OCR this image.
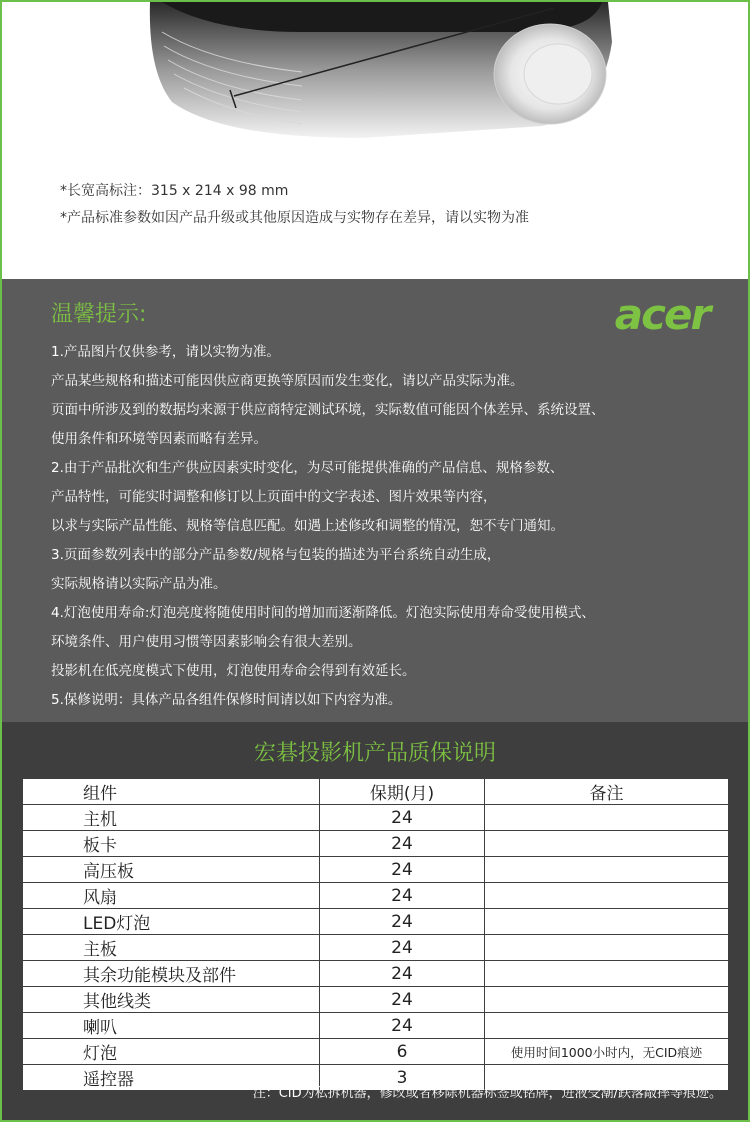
*长宽高标注：315 x 214 x 98 mm
*产品标准参数如因产品升级或其他原因造成与实物存在差异，请以实物为准
温馨提示:	acer
1.产品图片仅供参考，请以实物为准。
产品某些规格和描述可能因供应商更换等原因而发生变化，请以产品实际为准。
页面中所涉及到的数据均来源于供应商特定测试环境，实际数值可能因个体差异、系统设置、
使用条件和环境等因素而略有差异。
2.由于产品批次和生产供应因素实时变化，为尽可能提供准确的产品信息、规格参数、
产品特性，可能实时调整和修订以上页面中的文字表述、图片效果等内容，
以求与实际产品性能、规格等信息匹配。如遇上述修改和调整的情况，恕不专门通知。
3.页面参数列表中的部分产品参数/规格与包装的描述为平台系统自动生成，
实际规格请以实际产品为准。
4.灯泡使用寿命:灯泡亮度将随使用时间的增加而逐渐降低。灯泡实际使用寿命受使用模式、
环境条件、用户使用习惯等因素影响会有很大差别。
投影机在低亮度模式下使用，灯泡使用寿命会得到有效延长。
5.保修说明：具体产品各组件保修时间请以如下内容为准。
宏碁投影机产品质保说明
组件	保期(月)	备注
主机	24	
板卡	24	
高压板	24	
风扇	24	
LED灯泡	24	
主板	24	
其余功能模块及部件	24	
其他线类	24	
喇叭	24	
灯泡	6	使用时间1000小时内，无CID痕迹
遥控器	3	
注：CID为私拆机器，修改或者移除机器标签或铭牌，进液受潮/跌落敲摔等痕迹。
